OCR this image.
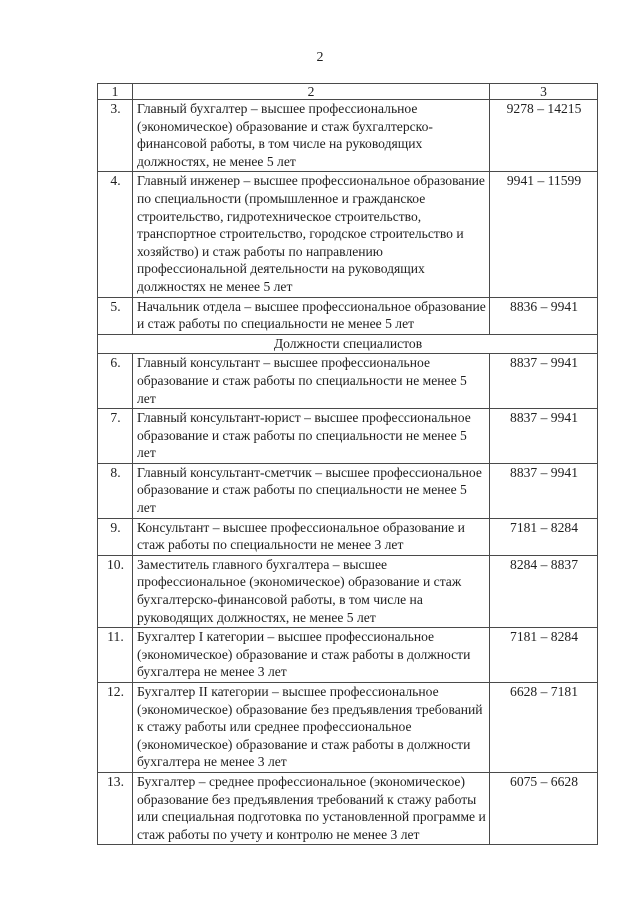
2
1	2	3
3.	Главный бухгалтер – высшее профессиональное (экономическое) образование и стаж бухгалтерско-финансовой работы, в том числе на руководящих должностях, не менее 5 лет	9278 – 14215
4.	Главный инженер – высшее профессиональное образование по специальности (промышленное и гражданское строительство, гидротехническое строительство, транспортное строительство, городское строительство и хозяйство) и стаж работы по направлению профессиональной деятельности на руководящих должностях не менее 5 лет	9941 – 11599
5.	Начальник отдела – высшее профессиональное образование и стаж работы по специальности не менее 5 лет	8836 – 9941
Должности специалистов		
6.	Главный консультант – высшее профессиональное образование и стаж работы по специальности не менее 5 лет	8837 – 9941
7.	Главный консультант-юрист – высшее профессиональное образование и стаж работы по специальности не менее 5 лет	8837 – 9941
8.	Главный консультант-сметчик – высшее профессиональное образование и стаж работы по специальности не менее 5 лет	8837 – 9941
9.	Консультант – высшее профессиональное образование и стаж работы по специальности не менее 3 лет	7181 – 8284
10.	Заместитель главного бухгалтера – высшее профессиональное (экономическое) образование и стаж бухгалтерско-финансовой работы, в том числе на руководящих должностях, не менее 5 лет	8284 – 8837
11.	Бухгалтер I категории – высшее профессиональное (экономическое) образование и стаж работы в должности бухгалтера не менее 3 лет	7181 – 8284
12.	Бухгалтер II категории – высшее профессиональное (экономическое) образование без предъявления требований к стажу работы или среднее профессиональное (экономическое) образование и стаж работы в должности бухгалтера не менее 3 лет	6628 – 7181
13.	Бухгалтер – среднее профессиональное (экономическое) образование без предъявления требований к стажу работы или специальная подготовка по установленной программе и стаж работы по учету и контролю не менее 3 лет	6075 – 6628
